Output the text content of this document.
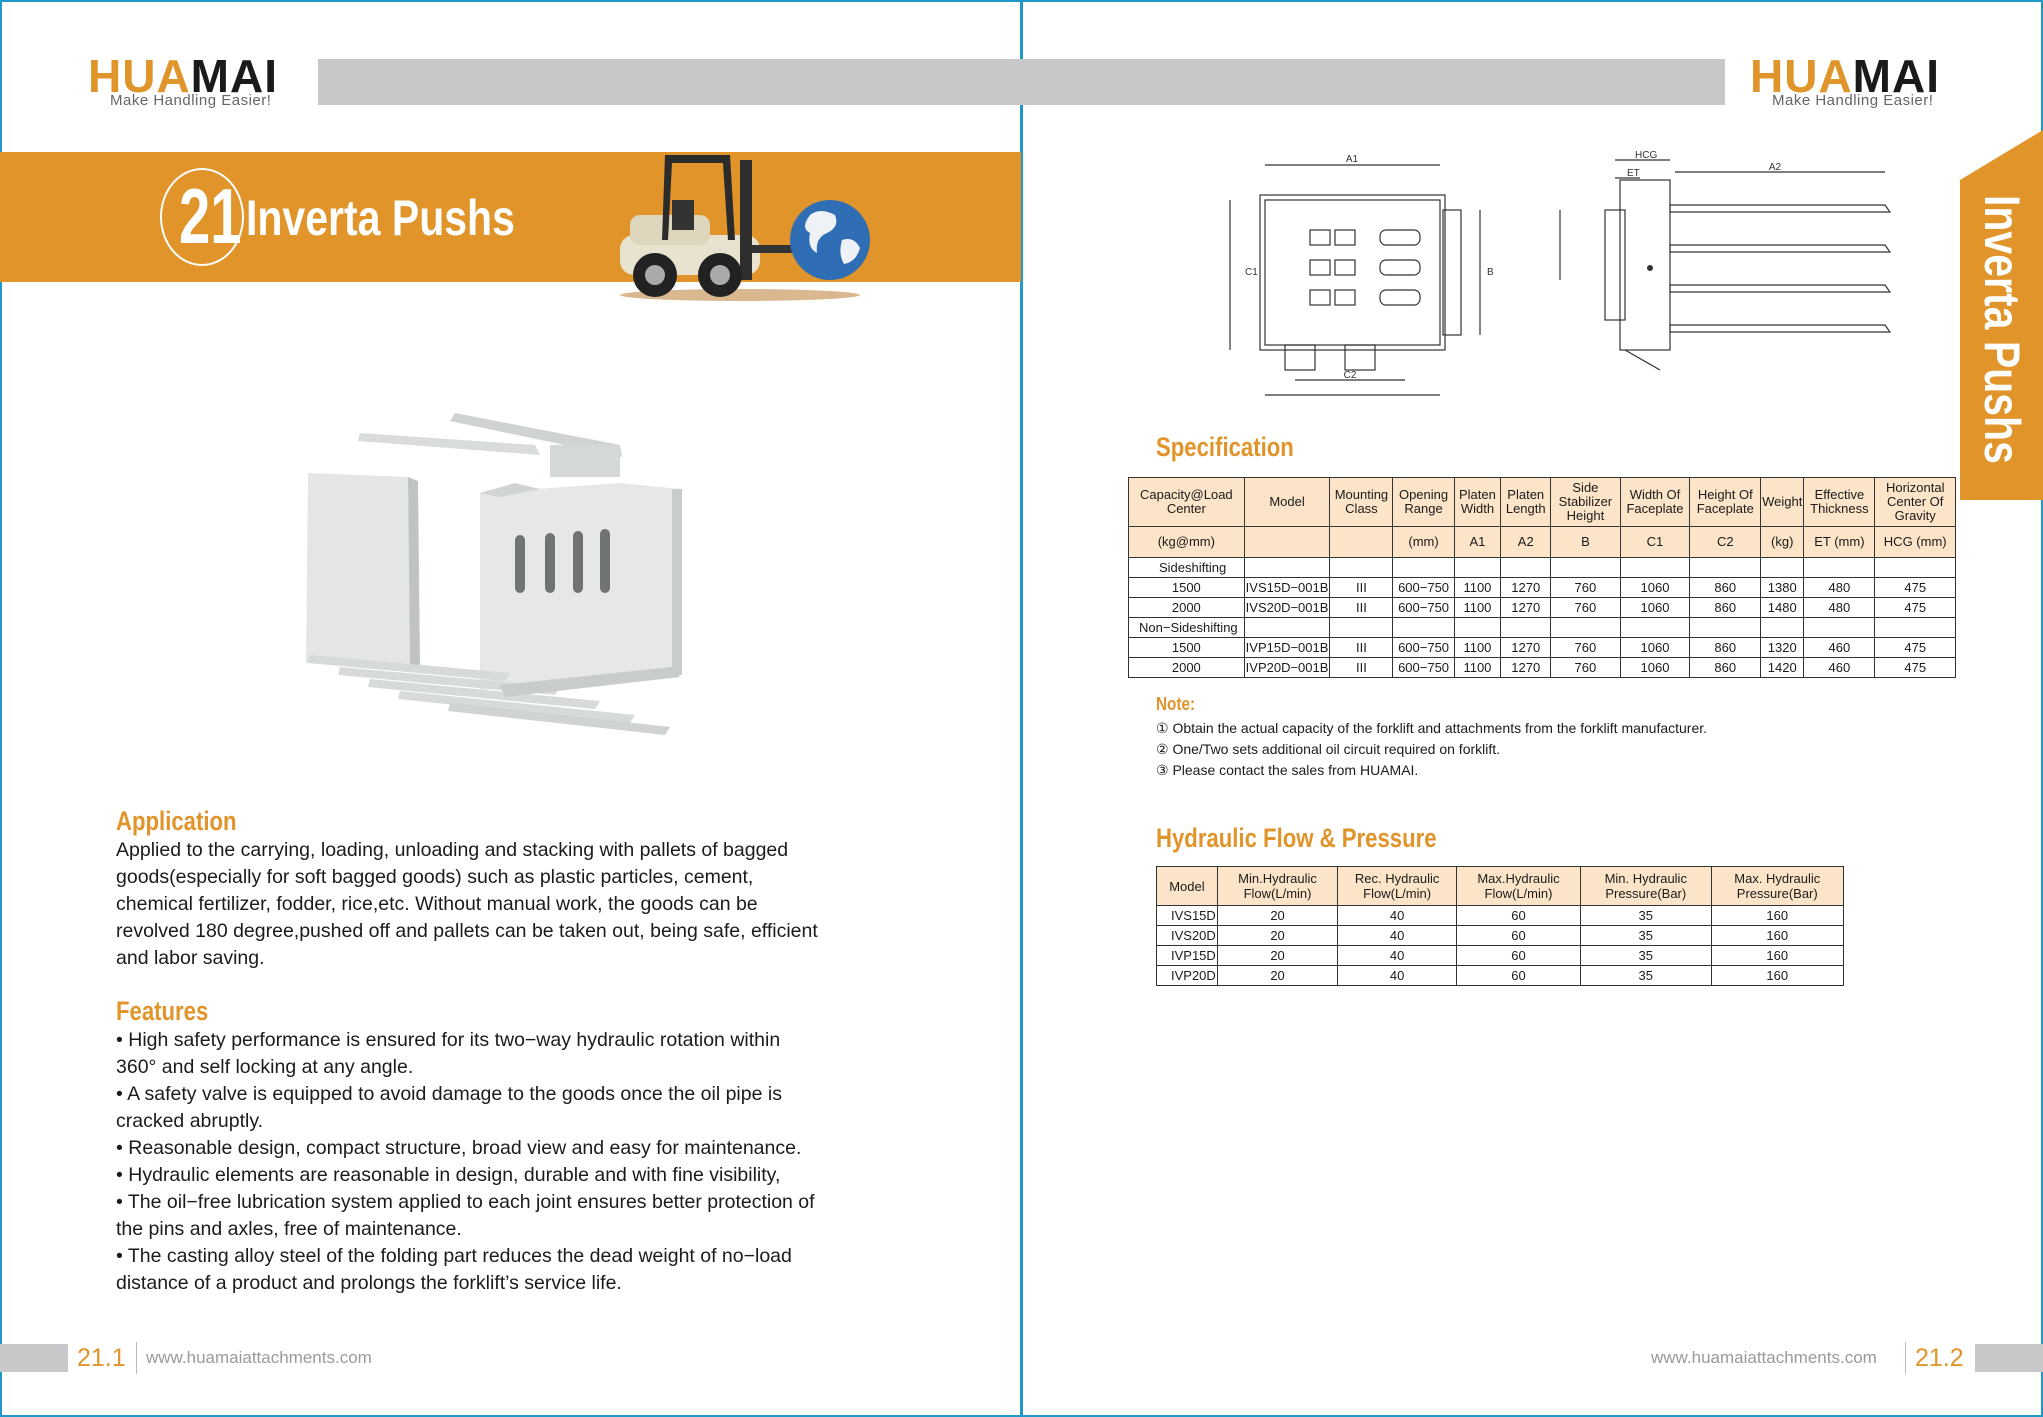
HUAMAI
Make Handling Easier!
21 Inverta Pushs
Application

Applied to the carrying, loading, unloading and stacking with pallets of bagged

goods(especially for soft bagged goods) such as plastic particles, cement,

chemical fertilizer, fodder, rice,etc. Without manual work, the goods can be

revolved 180 degree,pushed off and pallets can be taken out, being safe, efficient

and labor saving.

Features

• High safety performance is ensured for its two−way hydraulic rotation within

360° and self locking at any angle.

• A safety valve is equipped to avoid damage to the goods once the oil pipe is

cracked abruptly.

• Reasonable design, compact structure, broad view and easy for maintenance.

• Hydraulic elements are reasonable in design, durable and with fine visibility,

• The oil−free lubrication system applied to each joint ensures better protection of

the pins and axles, free of maintenance.

• The casting alloy steel of the folding part reduces the dead weight of no−load

distance of a product and prolongs the forklift’s service life.

21.1 www.huamaiattachments.com
HUAMAI
Make Handling Easier!
Inverta Pushs
A1
B
C1
C2
A2
ET
HCG
Specification
Capacity@Load Center	Model	Mounting Class	Opening Range	Platen Width	Platen Length	Side Stabilizer Height	Width Of Faceplate	Height Of Faceplate	Weight	Effective Thickness	Horizontal Center Of Gravity
(kg@mm)			(mm)	A1	A2	B	C1	C2	(kg)	ET (mm)	HCG (mm)
Sideshifting											
1500	IVS15D−001B	III	600−750	1100	1270	760	1060	860	1380	480	475
2000	IVS20D−001B	III	600−750	1100	1270	760	1060	860	1480	480	475
Non−Sideshifting											
1500	IVP15D−001B	III	600−750	1100	1270	760	1060	860	1320	460	475
2000	IVP20D−001B	III	600−750	1100	1270	760	1060	860	1420	460	475
Note:
① Obtain the actual capacity of the forklift and attachments from the forklift manufacturer.
② One/Two sets additional oil circuit required on forklift.
③ Please contact the sales from HUAMAI.
Hydraulic Flow & Pressure
Model	Min.Hydraulic Flow(L/min)	Rec. Hydraulic Flow(L/min)	Max.Hydraulic Flow(L/min)	Min. Hydraulic Pressure(Bar)	Max. Hydraulic Pressure(Bar)
IVS15D	20	40	60	35	160
IVS20D	20	40	60	35	160
IVP15D	20	40	60	35	160
IVP20D	20	40	60	35	160
www.huamaiattachments.com 21.2
